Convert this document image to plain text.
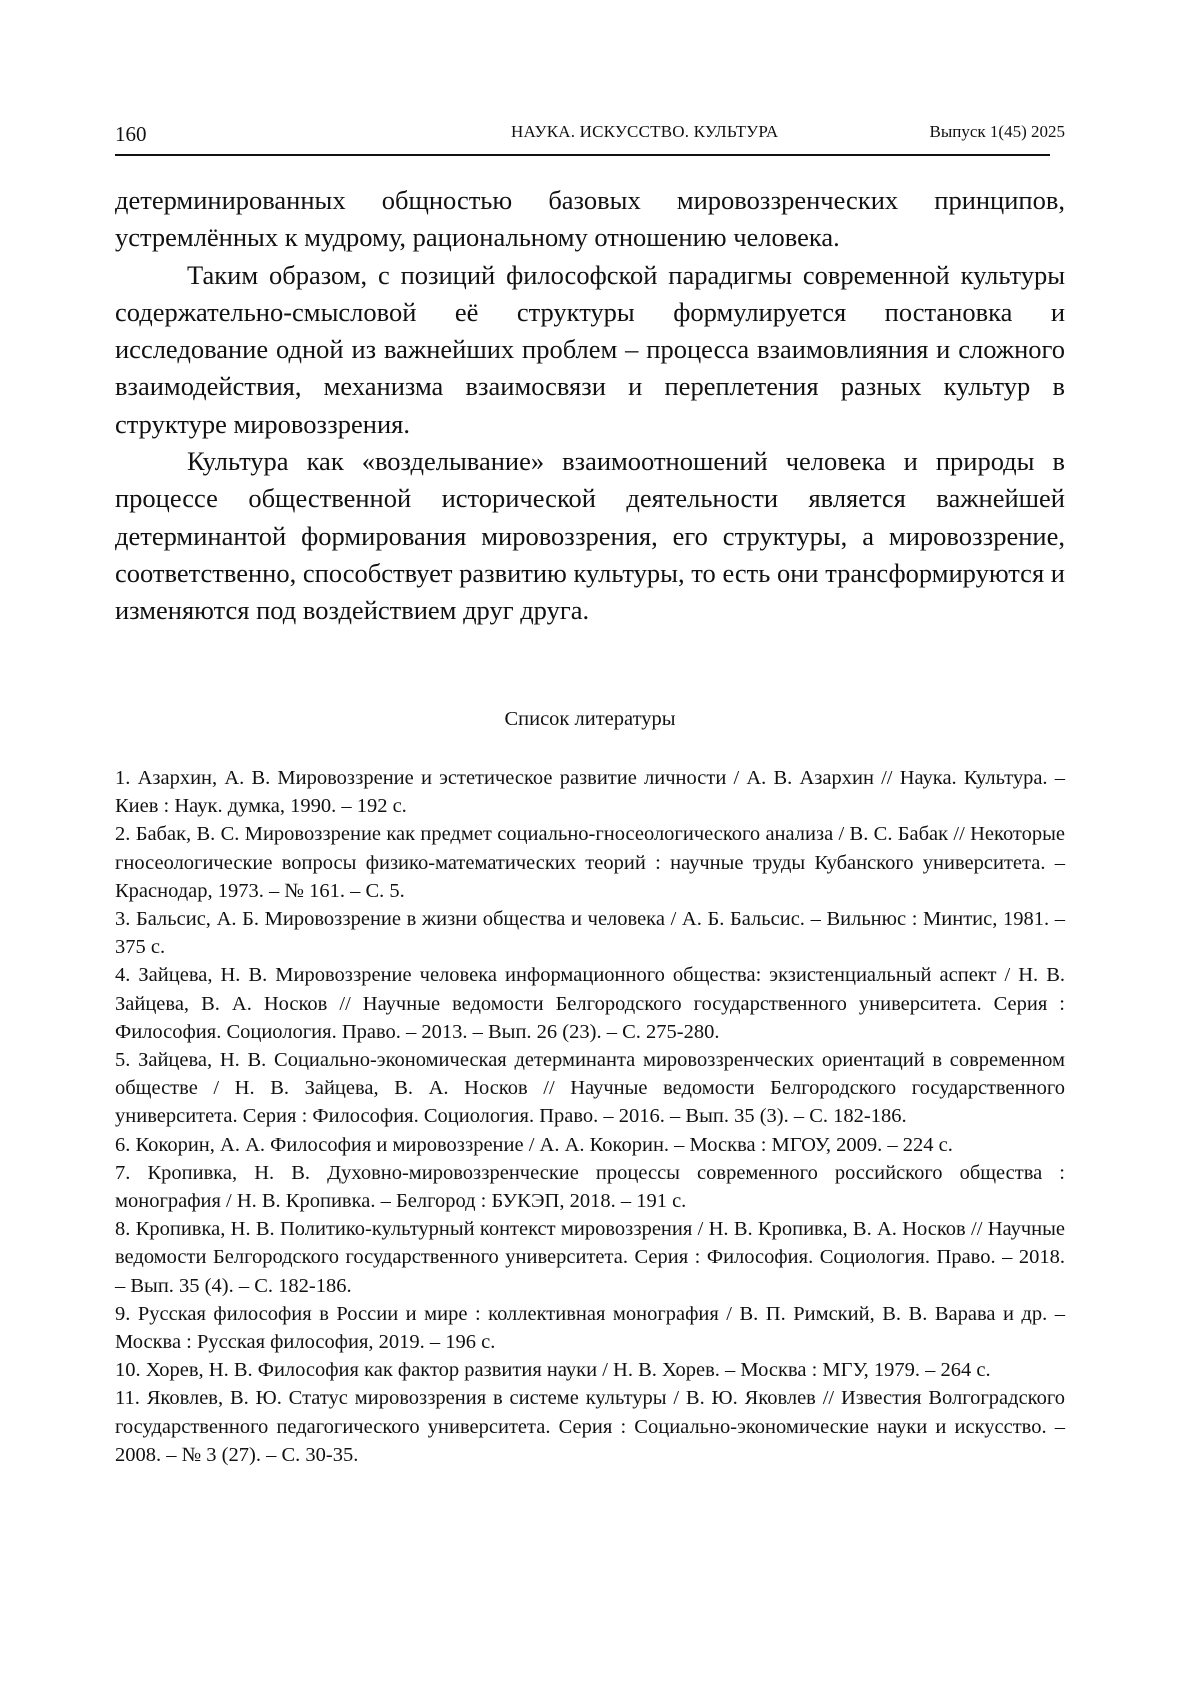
160	НАУКА. ИСКУССТВО. КУЛЬТУРА	Выпуск 1(45) 2025

детерминированных общностью базовых мировоззренческих принципов, устремлённых к мудрому, рациональному отношению человека.

Таким образом, с позиций философской парадигмы современной культуры содержательно-смысловой её структуры формулируется постановка и исследование одной из важнейших проблем – процесса взаимовлияния и сложного взаимодействия, механизма взаимосвязи и переплетения разных культур в структуре мировоззрения.

Культура как «возделывание» взаимоотношений человека и природы в процессе общественной исторической деятельности является важнейшей детерминантой формирования мировоззрения, его структуры, а мировоззрение, соответственно, способствует развитию культуры, то есть они трансформируются и изменяются под воздействием друг друга.

Список литературы
1. Азархин, А. В. Мировоззрение и эстетическое развитие личности / А. В. Азархин // Наука. Культура. – Киев : Наук. думка, 1990. – 192 с.
2. Бабак, В. С. Мировоззрение как предмет социально-гносеологического анализа / В. С. Бабак // Некоторые гносеологические вопросы физико-математических теорий : научные труды Кубанского университета. – Краснодар, 1973. – № 161. – С. 5.
3. Бальсис, А. Б. Мировоззрение в жизни общества и человека / А. Б. Бальсис. – Вильнюс : Минтис, 1981. – 375 с.
4. Зайцева, Н. В. Мировоззрение человека информационного общества: экзистенциальный аспект / Н. В. Зайцева, В. А. Носков // Научные ведомости Белгородского государственного университета. Серия : Философия. Социология. Право. – 2013. – Вып. 26 (23). – С. 275-280.
5. Зайцева, Н. В. Социально-экономическая детерминанта мировоззренческих ориентаций в современном обществе / Н. В. Зайцева, В. А. Носков // Научные ведомости Белгородского государственного университета. Серия : Философия. Социология. Право. – 2016. – Вып. 35 (3). – С. 182-186.
6. Кокорин, А. А. Философия и мировоззрение / А. А. Кокорин. – Москва : МГОУ, 2009. – 224 с.
7. Кропивка, Н. В. Духовно-мировоззренческие процессы современного российского общества : монография / Н. В. Кропивка. – Белгород : БУКЭП, 2018. – 191 с.
8. Кропивка, Н. В. Политико-культурный контекст мировоззрения / Н. В. Кропивка, В. А. Носков // Научные ведомости Белгородского государственного университета. Серия : Философия. Социология. Право. – 2018. – Вып. 35 (4). – С. 182-186.
9. Русская философия в России и мире : коллективная монография / В. П. Римский, В. В. Варава и др. – Москва : Русская философия, 2019. – 196 с.
10. Хорев, Н. В. Философия как фактор развития науки / Н. В. Хорев. – Москва : МГУ, 1979. – 264 с.
11. Яковлев, В. Ю. Статус мировоззрения в системе культуры / В. Ю. Яковлев // Известия Волгоградского государственного педагогического университета. Серия : Социально-экономические науки и искусство. – 2008. – № 3 (27). – С. 30-35.
